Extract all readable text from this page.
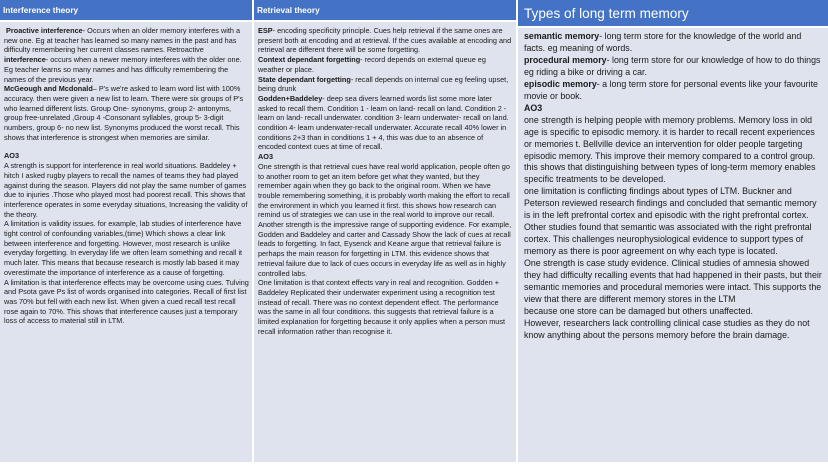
Interference theory

Proactive interference- Occurs when an older memory interferes with a new one. Eg at teacher has learned so many names in the past and has difficulty remembering her current classes names. Retroactive interference- occurs when a newer memory interferes with the older one. Eg teacher learns so many names and has difficulty remembering the names of the previous year.

McGeough and Mcdonald– P's we're asked to learn word list with 100% accuracy. then were given a new list to learn. There were six groups of P's who learned different lists. Group One- synonyms, group 2- antonyms, group free-unrelated ,Group 4 -Consonant syllables, group 5- 3-digit numbers, group 6- no new list. Synonyms produced the worst recall. This shows that interference is strongest when memories are similar.

AO3

A strength is support for interference in real world situations. Baddeley + hitch I asked rugby players to recall the names of teams they had played against during the season. Players did not play the same number of games due to injuries .Those who played most had poorest recall. This shows that interference operates in some everyday situations, Increasing the validity of the theory.

A limitation is validity issues. for example, lab studies of interference have tight control of confounding variables,(time) Which shows a clear link between interference and forgetting. However, most research is unlike everyday forgetting. In everyday life we often learn something and recall it much later. This means that because research is mostly lab based it may overestimate the importance of interference as a cause of forgetting.

A limitation is that interference effects may be overcome using cues. Tulving and Psota gave Ps list of words organised into categories. Recall of first list was 70% but fell with each new list. When given a cued recall test recall rose again to 70%. This shows that interference causes just a temporary loss of access to material still in LTM.

Retrieval theory

ESP- encoding specificity principle. Cues help retrieval if the same ones are present both at encoding and at retrieval. If the cues available at encoding and retrieval are different there will be some forgetting.

Context dependant forgetting- record depends on external queue eg weather or place.

State dependant forgetting- recall depends on internal cue eg feeling upset, being drunk

Godden+Baddeley- deep sea divers learned words list some more later asked to recall them. Condition 1 - learn on land- recall on land. Condition 2 - learn on land- recall underwater. condition 3- learn underwater- recall on land. condition 4- learn underwater-recall underwater. Accurate recall 40% lower in conditions 2+3 than in conditions 1 + 4, this was due to an absence of encoded context cues at time of recall.

AO3

One strength is that retrieval cues have real world application, people often go to another room to get an item before get what they wanted, but they remember again when they go back to the original room. When we have trouble remembering something, it is probably worth making the effort to recall the environment in which you learned it first. this shows how research can remind us of strategies we can use in the real world to improve our recall.

Another strength is the impressive range of supporting evidence. For example, Godden and Baddeley and carter and Cassady Show the lack of cues at recall leads to forgetting. In fact, Eysenck and Keane argue that retrieval failure is perhaps the main reason for forgetting in LTM. this evidence shows that retrieval failure due to lack of cues occurs in everyday life as well as in highly controlled labs.

One limitation is that context effects vary in real and recognition. Godden + Baddeley Replicated their underwater experiment using a recognition test instead of recall. There was no context dependent effect. The performance was the same in all four conditions. this suggests that retrieval failure is a limited explanation for forgetting because it only applies when a person must recall information rather than recognise it.

Types of long term memory

semantic memory- long term store for the knowledge of the world and facts. eg meaning of words.

procedural memory- long term store for our knowledge of how to do things eg riding a bike or driving a car.

episodic memory- a long term store for personal events like your favourite movie or book.

AO3

one strength is helping people with memory problems. Memory loss in old age is specific to episodic memory. it is harder to recall recent experiences or memories t. Bellville device an intervention for older people targeting episodic memory. This improve their memory compared to a control group. this shows that distinguishing between types of long-term memory enables specific treatments to be developed.

one limitation is conflicting findings about types of LTM. Buckner and Peterson reviewed research findings and concluded that semantic memory is in the left prefrontal cortex and episodic with the right prefrontal cortex. Other studies found that semantic was associated with the right prefrontal cortex. This challenges neurophysiological evidence to support types of memory as there is poor agreement on why each type is located.

One strength is case study evidence. Clinical studies of amnesia showed they had difficulty recalling events that had happened in their pasts, but their semantic memories and procedural memories were intact. This supports the view that there are different memory stores in the LTM

because one store can be damaged but others unaffected.

However, researchers lack controlling clinical case studies as they do not know anything about the persons memory before the brain damage.
